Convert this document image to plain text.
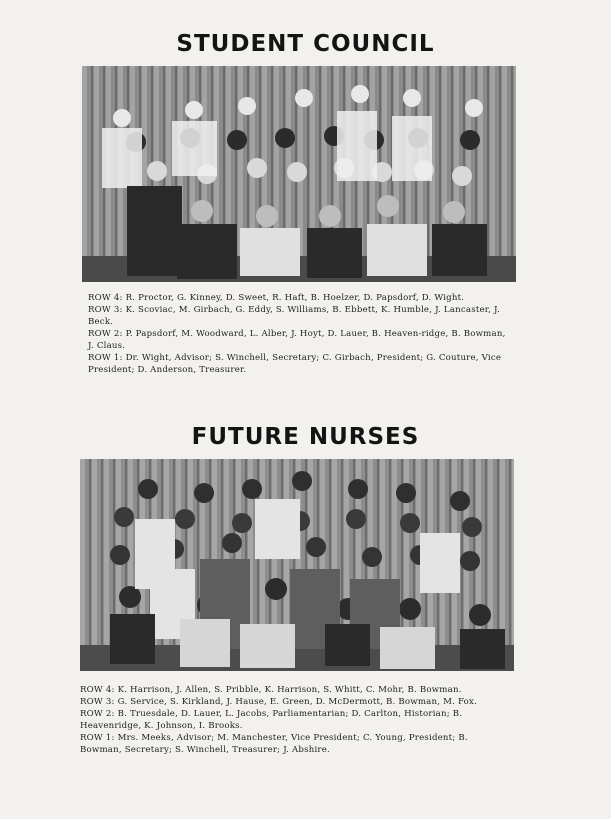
STUDENT COUNCIL

ROW 4: R. Proctor, G. Kinney, D. Sweet, R. Haft, B. Hoelzer, D. Papsdorf, D. Wight.

ROW 3: K. Scoviac, M. Girbach, G. Eddy, S. Williams, B. Ebbett, K. Humble, J. Lancaster, J. Beck.

ROW 2: P. Papsdorf, M. Woodward, L. Alber, J. Hoyt, D. Lauer, B. Heaven-ridge, B. Bowman, J. Claus.

ROW 1: Dr. Wight, Advisor; S. Winchell, Secretary; C. Girbach, President; G. Couture, Vice President; D. Anderson, Treasurer.

FUTURE NURSES

ROW 4: K. Harrison, J. Allen, S. Pribble, K. Harrison, S. Whitt, C. Mohr, B. Bowman.

ROW 3: G. Service, S. Kirkland, J. Hause, E. Green, D. McDermott, B. Bowman, M. Fox.

ROW 2: B. Truesdale, D. Lauer, L. Jacobs, Parliamentarian; D. Carlton, Historian; B. Heavenridge, K. Johnson, I. Brooks.

ROW 1: Mrs. Meeks, Advisor; M. Manchester, Vice President; C. Young, President; B. Bowman, Secretary; S. Winchell, Treasurer; J. Abshire.
